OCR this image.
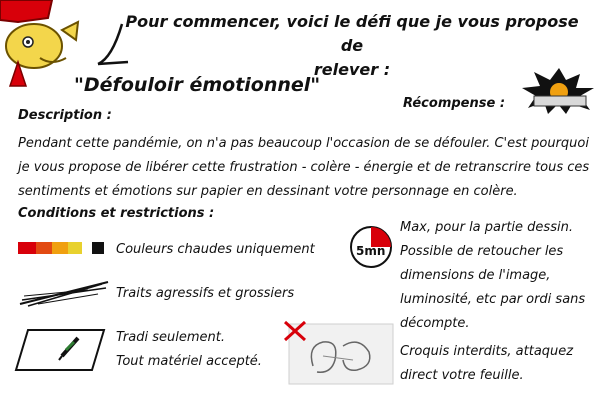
Pour commencer, voici le défi que je vous propose de
relever :
"Défouloir émotionnel"
Description :
Récompense :
Pendant cette pandémie, on n'a pas beaucoup l'occasion de se défouler. C'est pourquoi
je vous propose de libérer cette frustration - colère - énergie et de retranscrire tous ces
sentiments et émotions sur papier en dessinant votre personnage en colère.
Conditions et restrictions :
Couleurs chaudes uniquement
Traits agressifs et grossiers
Tradi seulement.
Tout matériel accepté.
5mn
Max, pour la partie dessin.
Possible de retoucher les
dimensions de l'image,
luminosité, etc par ordi sans
décompte.
Croquis interdits, attaquez
direct votre feuille.
